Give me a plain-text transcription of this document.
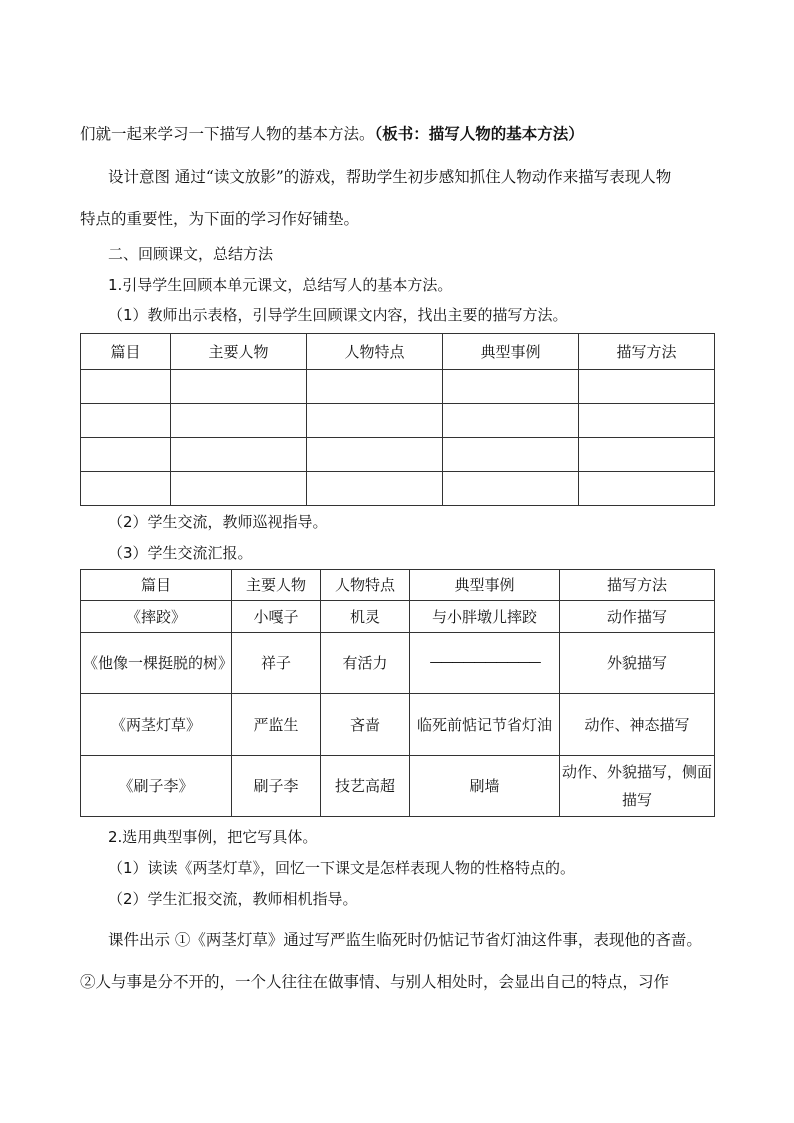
们就一起来学习一下描写人物的基本方法。（板书：描写人物的基本方法）
设计意图 通过“读文放影”的游戏，帮助学生初步感知抓住人物动作来描写表现人物
特点的重要性，为下面的学习作好铺垫。
二、回顾课文，总结方法
1.引导学生回顾本单元课文，总结写人的基本方法。
（1）教师出示表格，引导学生回顾课文内容，找出主要的描写方法。
篇目	主要人物	人物特点	典型事例	描写方法

（2）学生交流，教师巡视指导。
（3）学生交流汇报。
篇目	主要人物	人物特点	典型事例	描写方法
《摔跤》	小嘎子	机灵	与小胖墩儿摔跤	动作描写
《他像一棵挺脱的树》	祥子	有活力	——————————	外貌描写
《两茎灯草》	严监生	吝啬	临死前惦记节省灯油	动作、神态描写
《刷子李》	刷子李	技艺高超	刷墙	动作、外貌描写，侧面描写
2.选用典型事例，把它写具体。
（1）读读《两茎灯草》，回忆一下课文是怎样表现人物的性格特点的。
（2）学生汇报交流，教师相机指导。
课件出示 ①《两茎灯草》通过写严监生临死时仍惦记节省灯油这件事，表现他的吝啬。
②人与事是分不开的，一个人往往在做事情、与别人相处时，会显出自己的特点，习作
